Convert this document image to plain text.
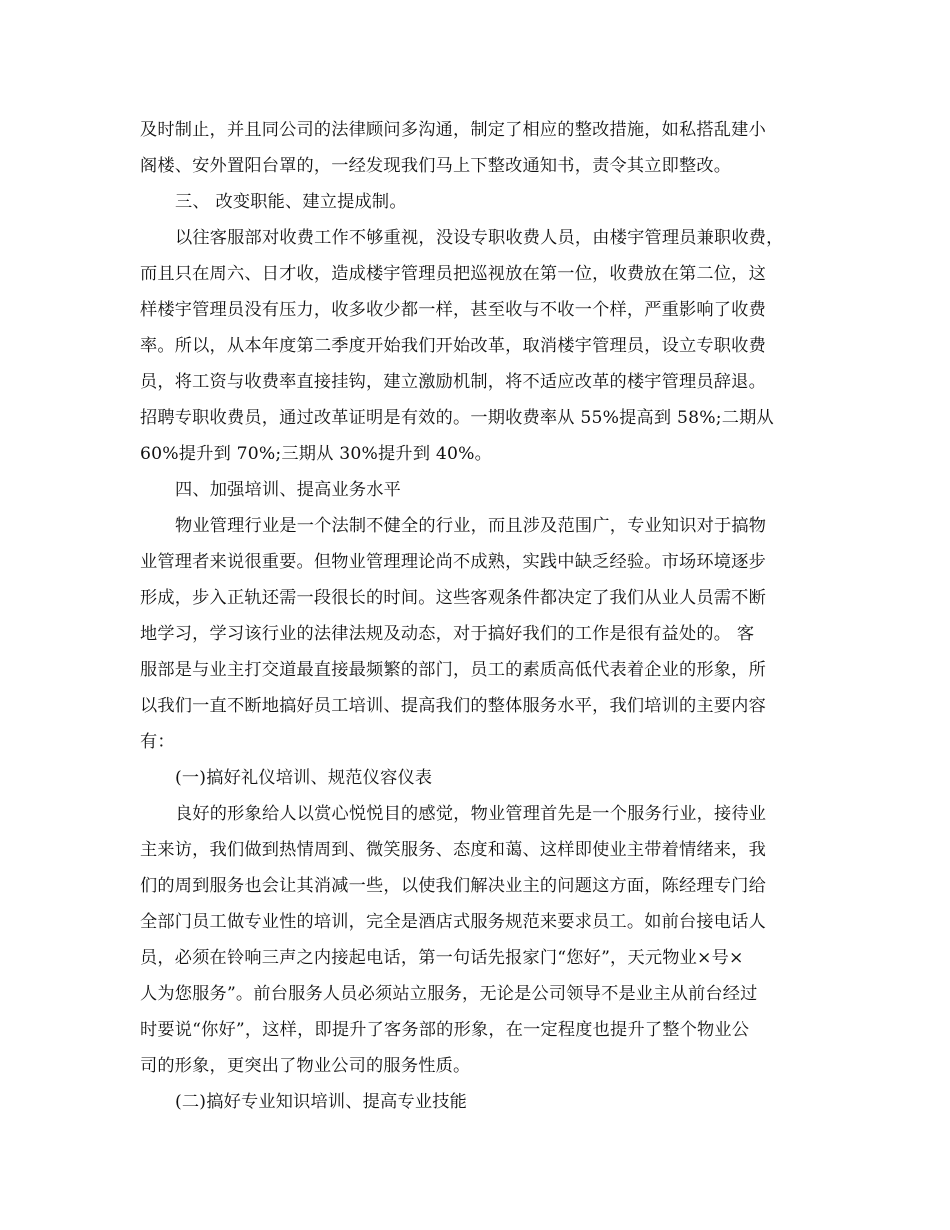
及时制止，并且同公司的法律顾问多沟通，制定了相应的整改措施，如私搭乱建小
阁楼、安外置阳台罩的，一经发现我们马上下整改通知书，责令其立即整改。
三、 改变职能、建立提成制。
以往客服部对收费工作不够重视，没设专职收费人员，由楼宇管理员兼职收费，
而且只在周六、日才收，造成楼宇管理员把巡视放在第一位，收费放在第二位，这
样楼宇管理员没有压力，收多收少都一样，甚至收与不收一个样，严重影响了收费
率。所以，从本年度第二季度开始我们开始改革，取消楼宇管理员，设立专职收费
员，将工资与收费率直接挂钩，建立激励机制，将不适应改革的楼宇管理员辞退。
招聘专职收费员，通过改革证明是有效的。一期收费率从 55%提高到 58%;二期从
60%提升到 70%;三期从 30%提升到 40%。
四、加强培训、提高业务水平
物业管理行业是一个法制不健全的行业，而且涉及范围广，专业知识对于搞物
业管理者来说很重要。但物业管理理论尚不成熟，实践中缺乏经验。市场环境逐步
形成，步入正轨还需一段很长的时间。这些客观条件都决定了我们从业人员需不断
地学习，学习该行业的法律法规及动态，对于搞好我们的工作是很有益处的。 客
服部是与业主打交道最直接最频繁的部门，员工的素质高低代表着企业的形象，所
以我们一直不断地搞好员工培训、提高我们的整体服务水平，我们培训的主要内容
有：
(一)搞好礼仪培训、规范仪容仪表
良好的形象给人以赏心悦悦目的感觉，物业管理首先是一个服务行业，接待业
主来访，我们做到热情周到、微笑服务、态度和蔼、这样即使业主带着情绪来，我
们的周到服务也会让其消减一些，以使我们解决业主的问题这方面，陈经理专门给
全部门员工做专业性的培训，完全是酒店式服务规范来要求员工。如前台接电话人
员，必须在铃响三声之内接起电话，第一句话先报家门“您好”，天元物业×号×
人为您服务”。前台服务人员必须站立服务，无论是公司领导不是业主从前台经过
时要说“你好”，这样，即提升了客务部的形象，在一定程度也提升了整个物业公
司的形象，更突出了物业公司的服务性质。
(二)搞好专业知识培训、提高专业技能
